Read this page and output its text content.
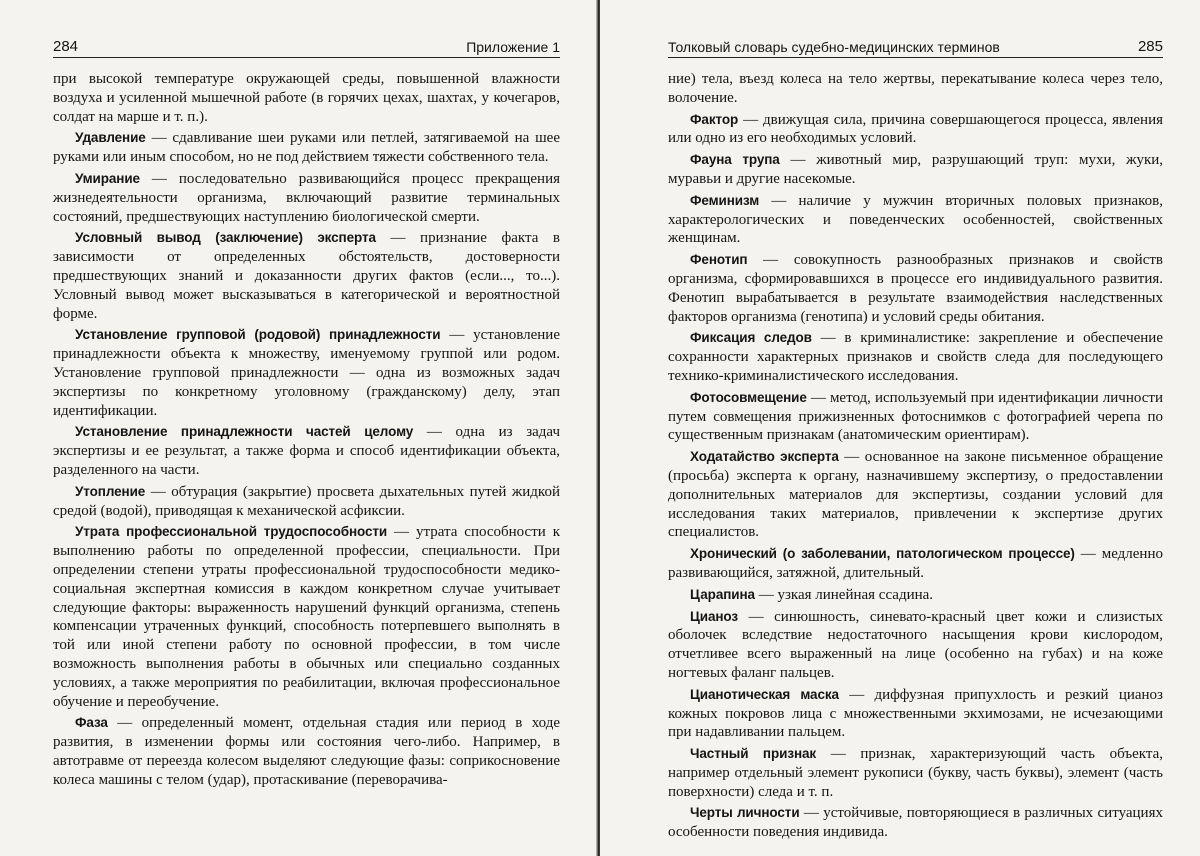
284	Приложение 1

при высокой температуре окружающей среды, повышенной влажности воздуха и усиленной мышечной работе (в горячих цехах, шахтах, у кочегаров, солдат на марше и т. п.).

Удавление — сдавливание шеи руками или петлей, затягиваемой на шее руками или иным способом, но не под действием тяжести собственного тела.

Умирание — последовательно развивающийся процесс прекращения жизнедеятельности организма, включающий развитие терминальных состояний, предшествующих наступлению биологической смерти.

Условный вывод (заключение) эксперта — признание факта в зависимости от определенных обстоятельств, достоверности предшествующих знаний и доказанности других фактов (если..., то...). Условный вывод может высказываться в категорической и вероятностной форме.

Установление групповой (родовой) принадлежности — установление принадлежности объекта к множеству, именуемому группой или родом. Установление групповой принадлежности — одна из возможных задач экспертизы по конкретному уголовному (гражданскому) делу, этап идентификации.

Установление принадлежности частей целому — одна из задач экспертизы и ее результат, а также форма и способ идентификации объекта, разделенного на части.

Утопление — обтурация (закрытие) просвета дыхательных путей жидкой средой (водой), приводящая к механической асфиксии.

Утрата профессиональной трудоспособности — утрата способности к выполнению работы по определенной профессии, специальности. При определении степени утраты профессиональной трудоспособности медико-социальная экспертная комиссия в каждом конкретном случае учитывает следующие факторы: выраженность нарушений функций организма, степень компенсации утраченных функций, способность потерпевшего выполнять в той или иной степени работу по основной профессии, в том числе возможность выполнения работы в обычных или специально созданных условиях, а также мероприятия по реабилитации, включая профессиональное обучение и переобучение.

Фаза — определенный момент, отдельная стадия или период в ходе развития, в изменении формы или состояния чего-либо. Например, в автотравме от переезда колесом выделяют следующие фазы: соприкосновение колеса машины с телом (удар), протаскивание (переворачива-

Толковый словарь судебно-медицинских терминов	285

ние) тела, въезд колеса на тело жертвы, перекатывание колеса через тело, волочение.

Фактор — движущая сила, причина совершающегося процесса, явления или одно из его необходимых условий.

Фауна трупа — животный мир, разрушающий труп: мухи, жуки, муравьи и другие насекомые.

Феминизм — наличие у мужчин вторичных половых признаков, характерологических и поведенческих особенностей, свойственных женщинам.

Фенотип — совокупность разнообразных признаков и свойств организма, сформировавшихся в процессе его индивидуального развития. Фенотип вырабатывается в результате взаимодействия наследственных факторов организма (генотипа) и условий среды обитания.

Фиксация следов — в криминалистике: закрепление и обеспечение сохранности характерных признаков и свойств следа для последующего технико-криминалистического исследования.

Фотосовмещение — метод, используемый при идентификации личности путем совмещения прижизненных фотоснимков с фотографией черепа по существенным признакам (анатомическим ориентирам).

Ходатайство эксперта — основанное на законе письменное обращение (просьба) эксперта к органу, назначившему экспертизу, о предоставлении дополнительных материалов для экспертизы, создании условий для исследования таких материалов, привлечении к экспертизе других специалистов.

Хронический (о заболевании, патологическом процессе) — медленно развивающийся, затяжной, длительный.

Царапина — узкая линейная ссадина.

Цианоз — синюшность, синевато-красный цвет кожи и слизистых оболочек вследствие недостаточного насыщения крови кислородом, отчетливее всего выраженный на лице (особенно на губах) и на коже ногтевых фаланг пальцев.

Цианотическая маска — диффузная припухлость и резкий цианоз кожных покровов лица с множественными экхимозами, не исчезающими при надавливании пальцем.

Частный признак — признак, характеризующий часть объекта, например отдельный элемент рукописи (букву, часть буквы), элемент (часть поверхности) следа и т. п.

Черты личности — устойчивые, повторяющиеся в различных ситуациях особенности поведения индивида.
